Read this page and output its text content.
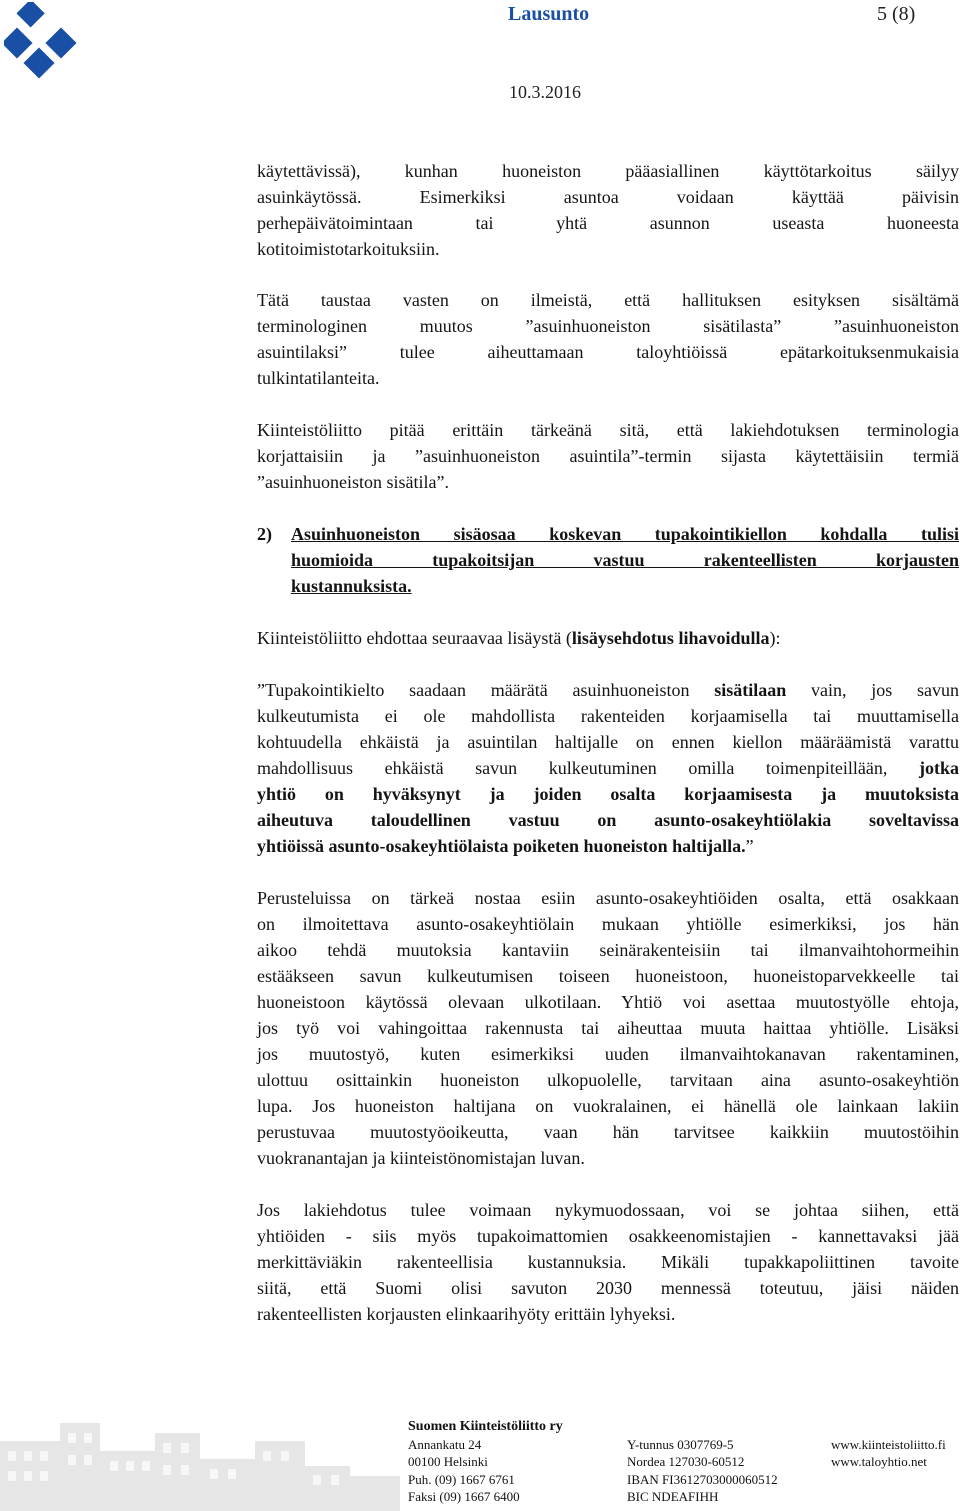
Lausunto	5 (8)
10.3.2016
käytettävissä), kunhan huoneiston pääasiallinen käyttötarkoitus säilyy
asuinkäytössä. Esimerkiksi asuntoa voidaan käyttää päivisin
perhepäivätoimintaan tai yhtä asunnon useasta huoneesta
kotitoimistotarkoituksiin.
Tätä taustaa vasten on ilmeistä, että hallituksen esityksen sisältämä
terminologinen muutos ”asuinhuoneiston sisätilasta” ”asuinhuoneiston
asuintilaksi” tulee aiheuttamaan taloyhtiöissä epätarkoituksenmukaisia
tulkintatilanteita.
Kiinteistöliitto pitää erittäin tärkeänä sitä, että lakiehdotuksen terminologia
korjattaisiin ja ”asuinhuoneiston asuintila”-termin sijasta käytettäisiin termiä
”asuinhuoneiston sisätila”.
2) Asuinhuoneiston sisäosaa koskevan tupakointikiellon kohdalla tulisi
huomioida tupakoitsijan vastuu rakenteellisten korjausten
kustannuksista.
Kiinteistöliitto ehdottaa seuraavaa lisäystä (lisäysehdotus lihavoidulla):
”Tupakointikielto saadaan määrätä asuinhuoneiston sisätilaan vain, jos savun
kulkeutumista ei ole mahdollista rakenteiden korjaamisella tai muuttamisella
kohtuudella ehkäistä ja asuintilan haltijalle on ennen kiellon määräämistä varattu
mahdollisuus ehkäistä savun kulkeutuminen omilla toimenpiteillään, jotka
yhtiö on hyväksynyt ja joiden osalta korjaamisesta ja muutoksista
aiheutuva taloudellinen vastuu on asunto-osakeyhtiölakia soveltavissa
yhtiöissä asunto-osakeyhtiölaista poiketen huoneiston haltijalla.”
Perusteluissa on tärkeä nostaa esiin asunto-osakeyhtiöiden osalta, että osakkaan
on ilmoitettava asunto-osakeyhtiölain mukaan yhtiölle esimerkiksi, jos hän
aikoo tehdä muutoksia kantaviin seinärakenteisiin tai ilmanvaihtohormeihin
estääkseen savun kulkeutumisen toiseen huoneistoon, huoneistoparvekkeelle tai
huoneistoon käytössä olevaan ulkotilaan. Yhtiö voi asettaa muutostyölle ehtoja,
jos työ voi vahingoittaa rakennusta tai aiheuttaa muuta haittaa yhtiölle. Lisäksi
jos muutostyö, kuten esimerkiksi uuden ilmanvaihtokanavan rakentaminen,
ulottuu osittainkin huoneiston ulkopuolelle, tarvitaan aina asunto-osakeyhtiön
lupa. Jos huoneiston haltijana on vuokralainen, ei hänellä ole lainkaan lakiin
perustuvaa muutostyöoikeutta, vaan hän tarvitsee kaikkiin muutostöihin
vuokranantajan ja kiinteistönomistajan luvan.
Jos lakiehdotus tulee voimaan nykymuodossaan, voi se johtaa siihen, että
yhtiöiden - siis myös tupakoimattomien osakkeenomistajien - kannettavaksi jää
merkittäviäkin rakenteellisia kustannuksia. Mikäli tupakkapoliittinen tavoite
siitä, että Suomi olisi savuton 2030 mennessä toteutuu, jäisi näiden
rakenteellisten korjausten elinkaarihyöty erittäin lyhyeksi.
Suomen Kiinteistöliitto ry
Annankatu 24
00100 Helsinki
Puh. (09) 1667 6761
Faksi (09) 1667 6400
Y-tunnus 0307769-5
Nordea 127030-60512
IBAN FI3612703000060512
BIC NDEAFIHH
www.kiinteistoliitto.fi
www.taloyhtio.net
